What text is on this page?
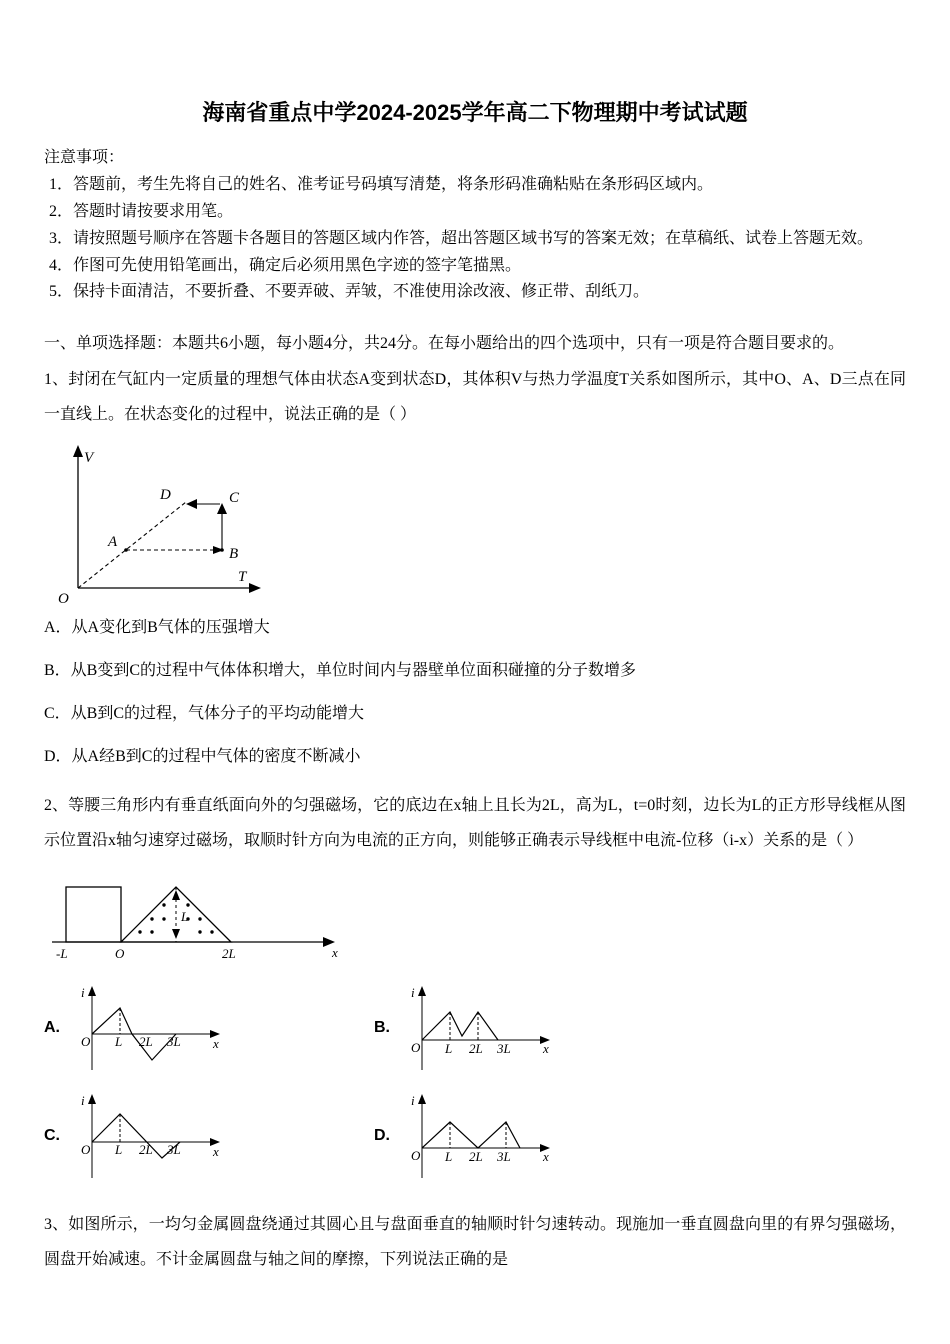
海南省重点中学2024-2025学年高二下物理期中考试试题

注意事项：

1．答题前，考生先将自己的姓名、准考证号码填写清楚，将条形码准确粘贴在条形码区域内。

2．答题时请按要求用笔。

3．请按照题号顺序在答题卡各题目的答题区域内作答，超出答题区域书写的答案无效；在草稿纸、试卷上答题无效。

4．作图可先使用铅笔画出，确定后必须用黑色字迹的签字笔描黑。

5．保持卡面清洁，不要折叠、不要弄破、弄皱，不准使用涂改液、修正带、刮纸刀。

一、单项选择题：本题共6小题，每小题4分，共24分。在每小题给出的四个选项中，只有一项是符合题目要求的。

1、封闭在气缸内一定质量的理想气体由状态A变到状态D，其体积V与热力学温度T关系如图所示，其中O、A、D三点在同一直线上。在状态变化的过程中，说法正确的是（ ）

V
T
O
A
B
C
D

A．从A变化到B气体的压强增大

B．从B变到C的过程中气体体积增大，单位时间内与器壁单位面积碰撞的分子数增多

C．从B到C的过程，气体分子的平均动能增大

D．从A经B到C的过程中气体的密度不断减小

2、等腰三角形内有垂直纸面向外的匀强磁场，它的底边在x轴上且长为2L，高为L，t=0时刻，边长为L的正方形导线框从图示位置沿x轴匀速穿过磁场，取顺时针方向为电流的正方向，则能够正确表示导线框中电流-位移（i-x）关系的是（ ）

-L	O	2L	x
L
A.
i
O L 2L 3L x
B.
i
O L 2L 3L x
C.
i
O L 2L 3L x
D.
i
O L 2L 3L x

3、如图所示，一均匀金属圆盘绕通过其圆心且与盘面垂直的轴顺时针匀速转动。现施加一垂直圆盘向里的有界匀强磁场，圆盘开始减速。不计金属圆盘与轴之间的摩擦，下列说法正确的是
